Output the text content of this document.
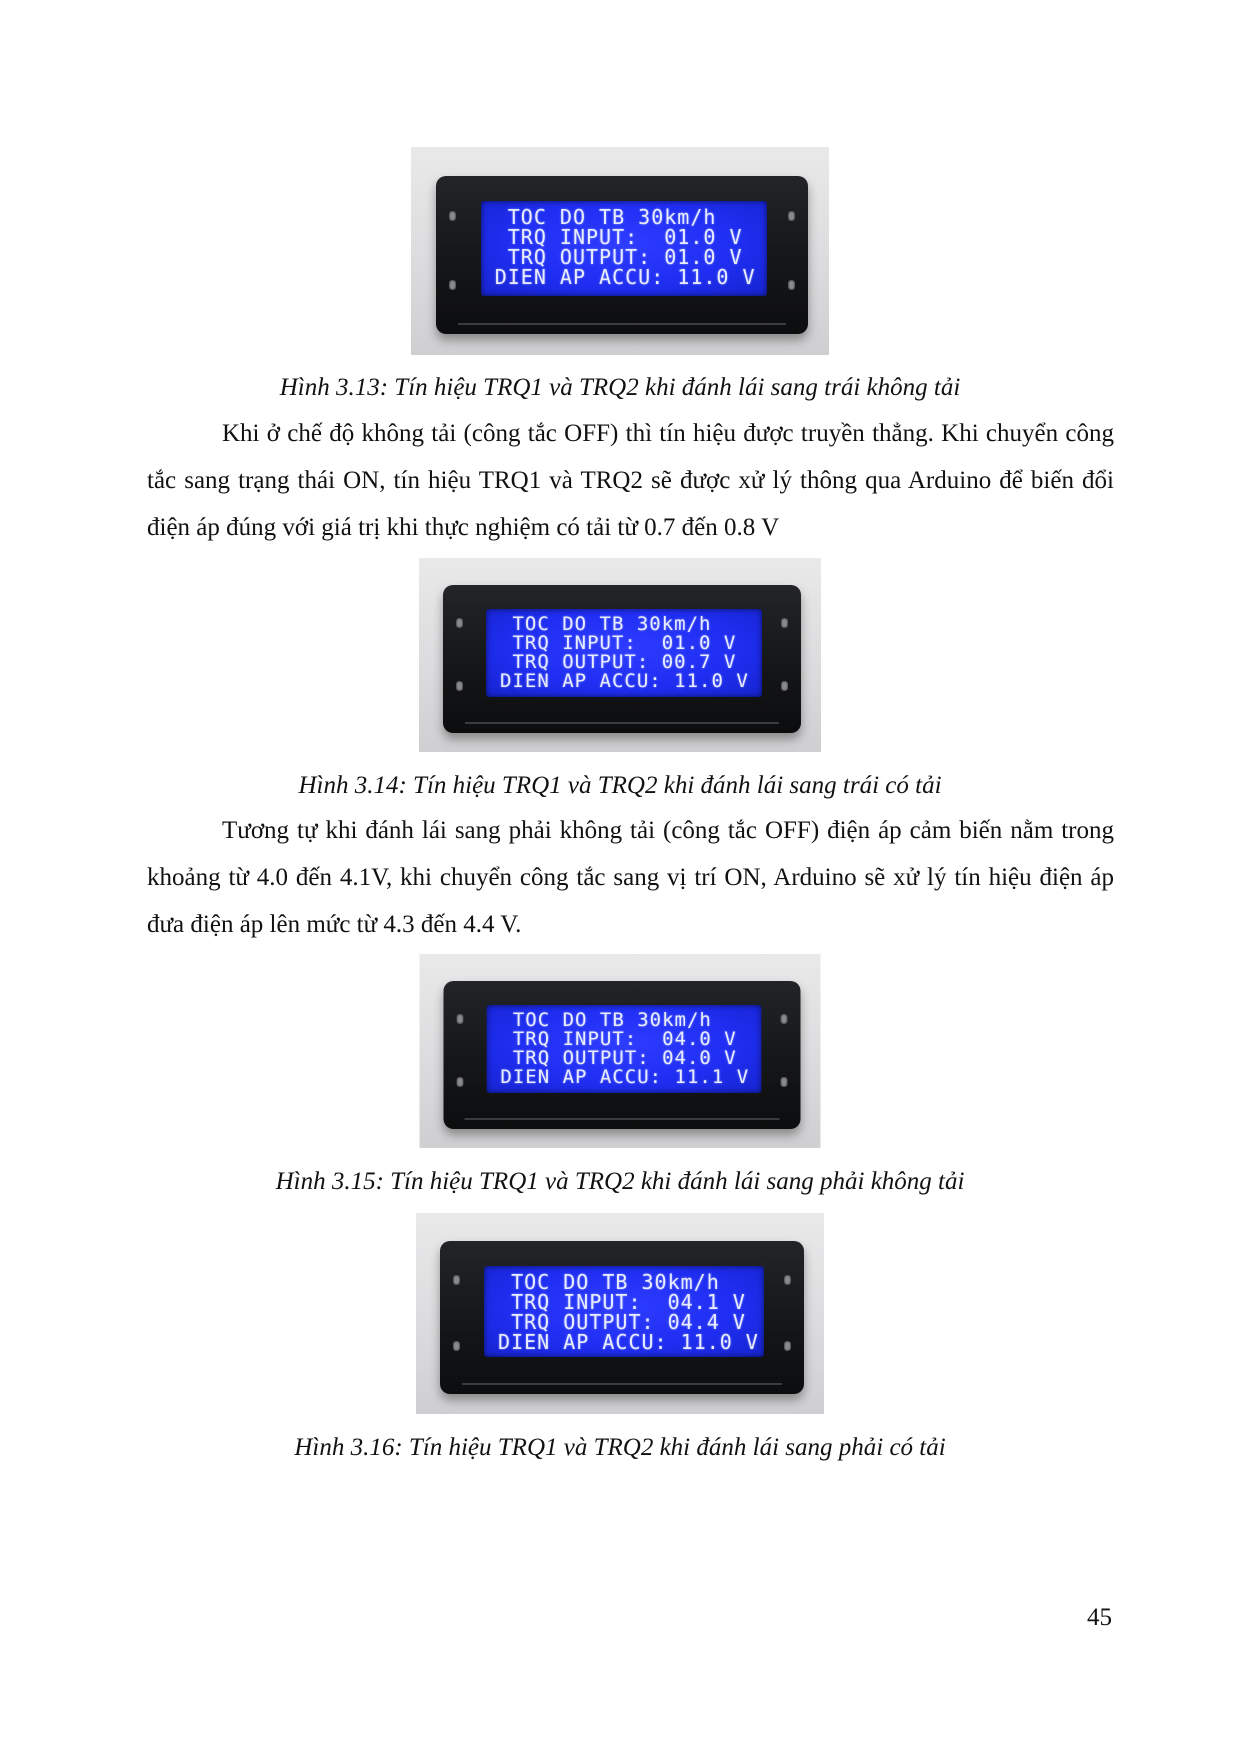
TOC DO TB 30km/h
TRQ INPUT:  01.0 V
TRQ OUTPUT: 01.0 V
DIEN AP ACCU: 11.0 V
Hình 3.13: Tín hiệu TRQ1 và TRQ2 khi đánh lái sang trái không tải

Khi ở chế độ không tải (công tắc OFF) thì tín hiệu được truyền thẳng. Khi chuyển công tắc sang trạng thái ON, tín hiệu TRQ1 và TRQ2 sẽ được xử lý thông qua Arduino để biến đổi điện áp đúng với giá trị khi thực nghiệm có tải từ 0.7 đến 0.8 V

TOC DO TB 30km/h
TRQ INPUT:  01.0 V
TRQ OUTPUT: 00.7 V
DIEN AP ACCU: 11.0 V
Hình 3.14: Tín hiệu TRQ1 và TRQ2 khi đánh lái sang trái có tải

Tương tự khi đánh lái sang phải không tải (công tắc OFF) điện áp cảm biến nằm trong khoảng từ 4.0 đến 4.1V, khi chuyển công tắc sang vị trí ON, Arduino sẽ xử lý tín hiệu điện áp đưa điện áp lên mức từ 4.3 đến 4.4 V.

TOC DO TB 30km/h
TRQ INPUT:  04.0 V
TRQ OUTPUT: 04.0 V
DIEN AP ACCU: 11.1 V
Hình 3.15: Tín hiệu TRQ1 và TRQ2 khi đánh lái sang phải không tải
TOC DO TB 30km/h
TRQ INPUT:  04.1 V
TRQ OUTPUT: 04.4 V
DIEN AP ACCU: 11.0 V
Hình 3.16: Tín hiệu TRQ1 và TRQ2 khi đánh lái sang phải có tải
45
